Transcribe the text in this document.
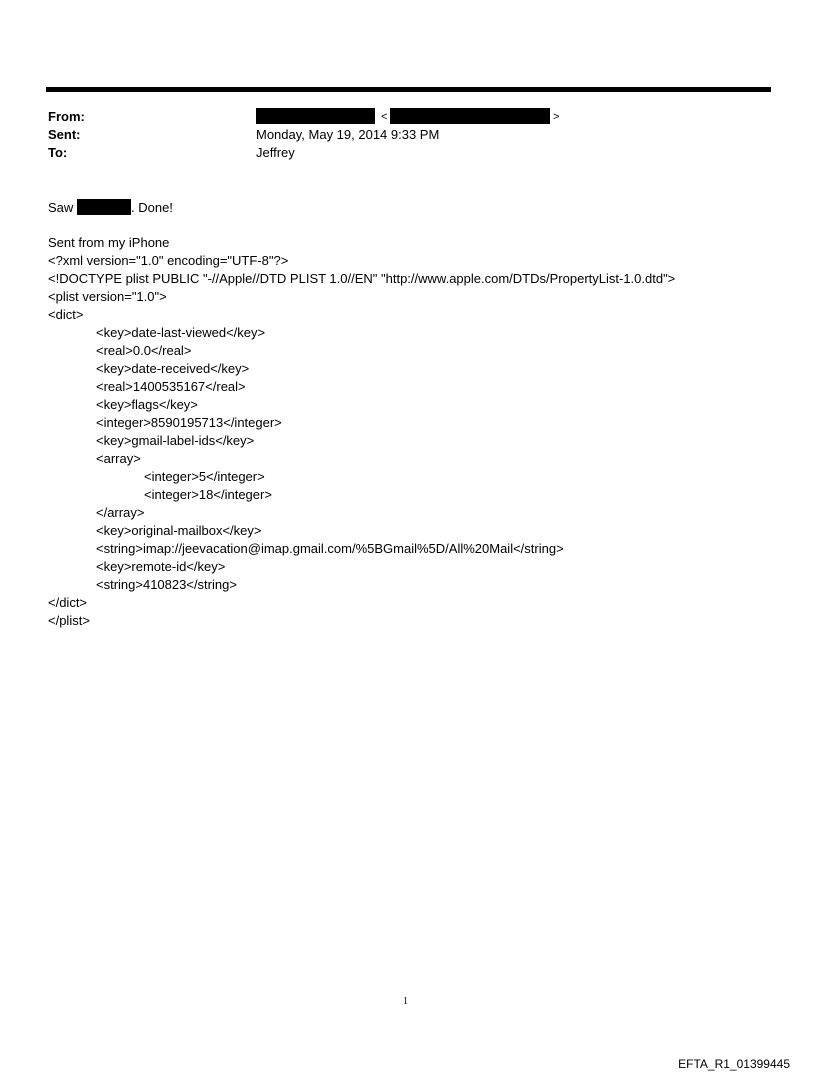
From:
Sent:
To:
<	>
Monday, May 19, 2014 9:33 PM
Jeffrey
Saw	. Done!
Sent from my iPhone
<?xml version="1.0" encoding="UTF-8"?>
<!DOCTYPE plist PUBLIC "-//Apple//DTD PLIST 1.0//EN" "http://www.apple.com/DTDs/PropertyList-1.0.dtd">
<plist version="1.0">
<dict>
<key>date-last-viewed</key>
<real>0.0</real>
<key>date-received</key>
<real>1400535167</real>
<key>flags</key>
<integer>8590195713</integer>
<key>gmail-label-ids</key>
<array>
<integer>5</integer>
<integer>18</integer>
</array>
<key>original-mailbox</key>
<string>imap://jeevacation@imap.gmail.com/%5BGmail%5D/All%20Mail</string>
<key>remote-id</key>
<string>410823</string>
</dict>
</plist>
1
EFTA_R1_01399445
